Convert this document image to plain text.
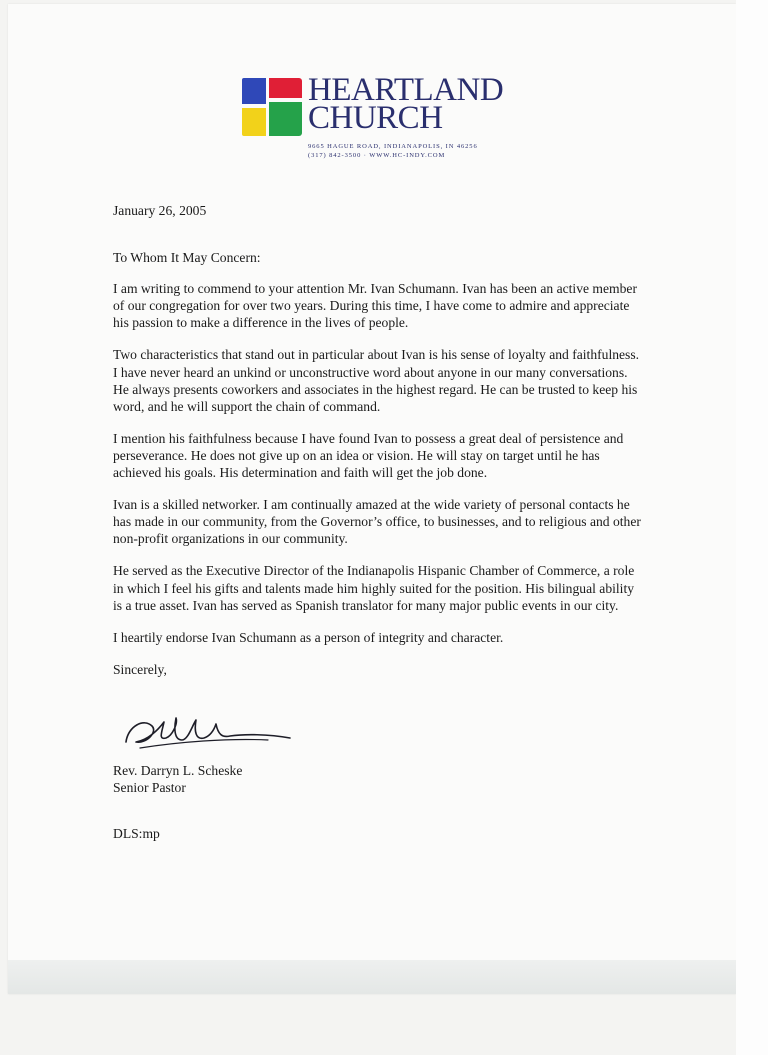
HEARTLAND
CHURCH
9665 HAGUE ROAD, INDIANAPOLIS, IN 46256
(317) 842-3500 · WWW.HC-INDY.COM

January 26, 2005

To Whom It May Concern:

I am writing to commend to your attention Mr. Ivan Schumann. Ivan has been an active member of our congregation for over two years. During this time, I have come to admire and appreciate his passion to make a difference in the lives of people.

Two characteristics that stand out in particular about Ivan is his sense of loyalty and faithfulness. I have never heard an unkind or unconstructive word about anyone in our many conversations. He always presents coworkers and associates in the highest regard. He can be trusted to keep his word, and he will support the chain of command.

I mention his faithfulness because I have found Ivan to possess a great deal of persistence and perseverance. He does not give up on an idea or vision. He will stay on target until he has achieved his goals. His determination and faith will get the job done.

Ivan is a skilled networker. I am continually amazed at the wide variety of personal contacts he has made in our community, from the Governor’s office, to businesses, and to religious and other non-profit organizations in our community.

He served as the Executive Director of the Indianapolis Hispanic Chamber of Commerce, a role in which I feel his gifts and talents made him highly suited for the position. His bilingual ability is a true asset. Ivan has served as Spanish translator for many major public events in our city.

I heartily endorse Ivan Schumann as a person of integrity and character.

Sincerely,

Rev. Darryn L. Scheske
Senior Pastor
DLS:mp
